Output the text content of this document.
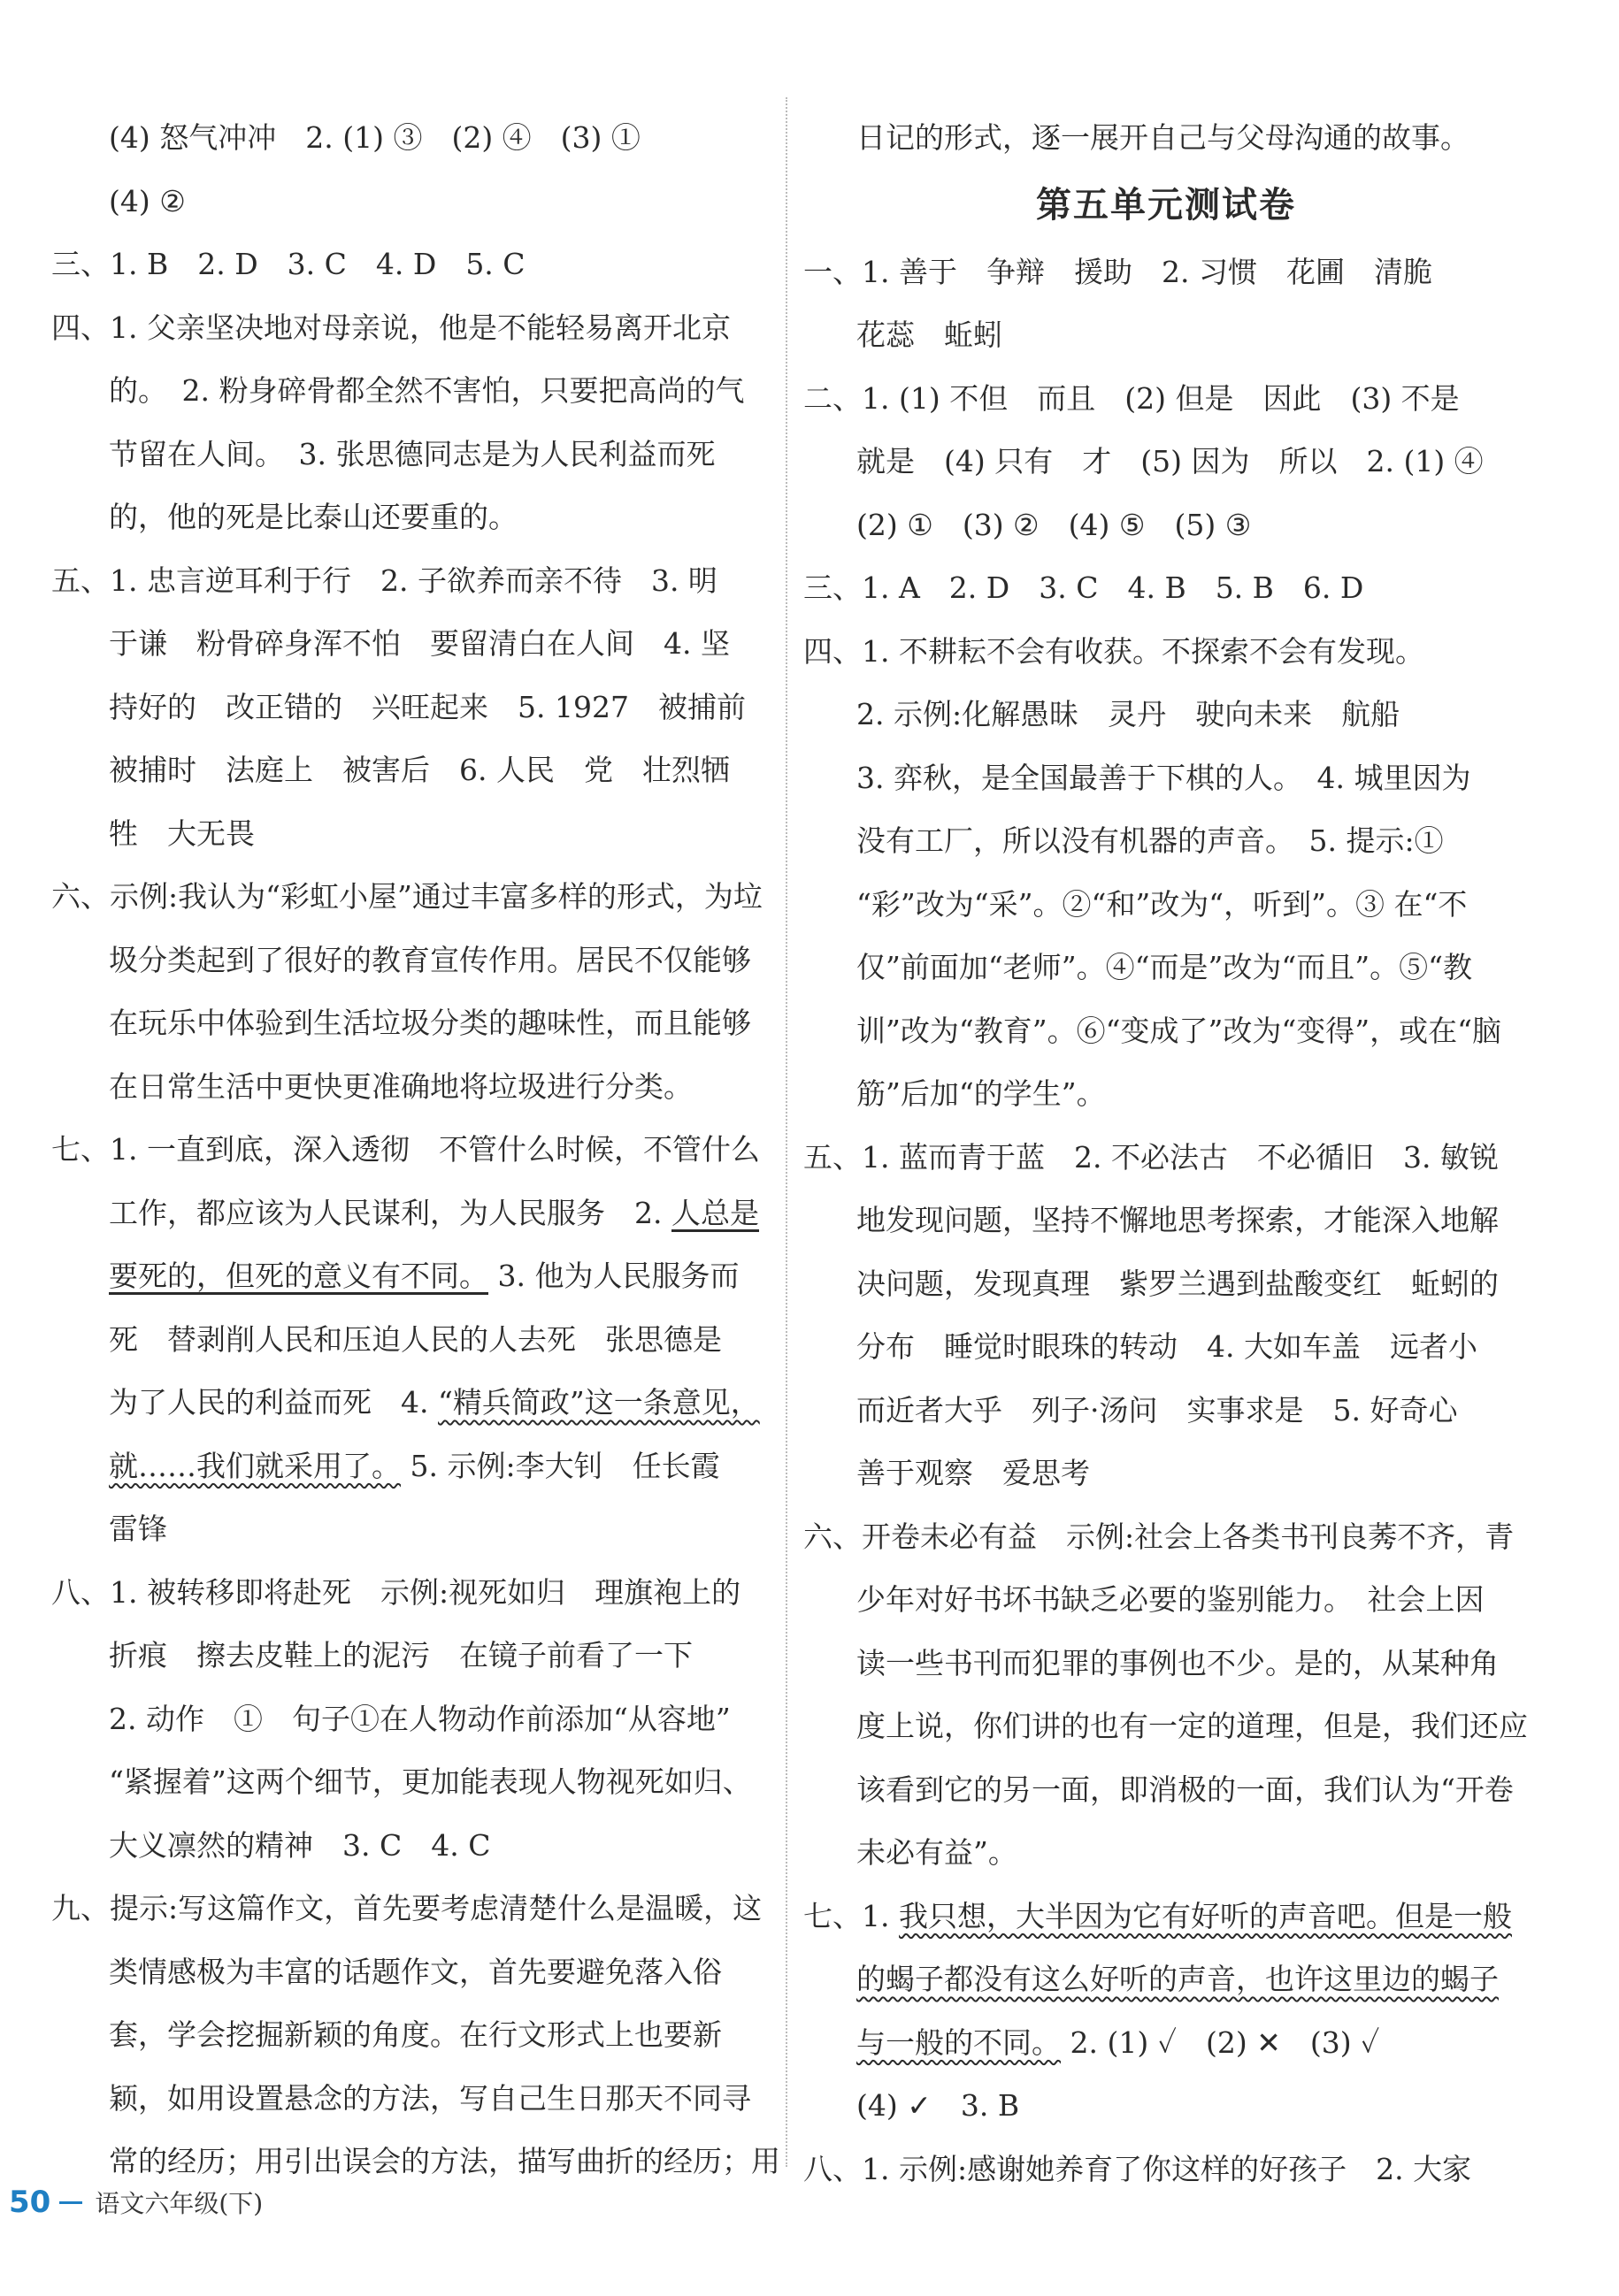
(4) 怒气冲冲　2. (1) ③　(2) ④　(3) ①
(4) ②
三、1. B　2. D　3. C　4. D　5. C
四、1. 父亲坚决地对母亲说，他是不能轻易离开北京
的。　2. 粉身碎骨都全然不害怕，只要把高尚的气
节留在人间。　3. 张思德同志是为人民利益而死
的，他的死是比泰山还要重的。
五、1. 忠言逆耳利于行　2. 子欲养而亲不待　3. 明
于谦　粉骨碎身浑不怕　要留清白在人间　4. 坚
持好的　改正错的　兴旺起来　5. 1927　被捕前
被捕时　法庭上　被害后　6. 人民　党　壮烈牺
牲　大无畏
六、示例:我认为“彩虹小屋”通过丰富多样的形式，为垃
圾分类起到了很好的教育宣传作用。居民不仅能够
在玩乐中体验到生活垃圾分类的趣味性，而且能够
在日常生活中更快更准确地将垃圾进行分类。
七、1. 一直到底，深入透彻　不管什么时候，不管什么
工作，都应该为人民谋利，为人民服务　2. 人总是
要死的，但死的意义有不同。 3. 他为人民服务而
死　替剥削人民和压迫人民的人去死　张思德是
为了人民的利益而死　4. “精兵简政”这一条意见，
就……我们就采用了。 5. 示例:李大钊　任长霞
雷锋
八、1. 被转移即将赴死　示例:视死如归　理旗袍上的
折痕　擦去皮鞋上的泥污　在镜子前看了一下
2. 动作　①　句子①在人物动作前添加“从容地”
“紧握着”这两个细节，更加能表现人物视死如归、
大义凛然的精神　3. C　4. C
九、提示:写这篇作文，首先要考虑清楚什么是温暖，这
类情感极为丰富的话题作文，首先要避免落入俗
套，学会挖掘新颖的角度。在行文形式上也要新
颖，如用设置悬念的方法，写自己生日那天不同寻
常的经历；用引出误会的方法，描写曲折的经历；用
日记的形式，逐一展开自己与父母沟通的故事。
第五单元测试卷
一、1. 善于　争辩　援助　2. 习惯　花圃　清脆
花蕊　蚯蚓
二、1. (1) 不但　而且　(2) 但是　因此　(3) 不是
就是　(4) 只有　才　(5) 因为　所以　2. (1) ④
(2) ①　(3) ②　(4) ⑤　(5) ③
三、1. A　2. D　3. C　4. B　5. B　6. D
四、1. 不耕耘不会有收获。不探索不会有发现。
2. 示例:化解愚昧　灵丹　驶向未来　航船
3. 弈秋，是全国最善于下棋的人。　4. 城里因为
没有工厂，所以没有机器的声音。　5. 提示:①
“彩”改为“采”。②“和”改为“，听到”。③ 在“不
仅”前面加“老师”。④“而是”改为“而且”。⑤“教
训”改为“教育”。⑥“变成了”改为“变得”，或在“脑
筋”后加“的学生”。
五、1. 蓝而青于蓝　2. 不必法古　不必循旧　3. 敏锐
地发现问题，坚持不懈地思考探索，才能深入地解
决问题，发现真理　紫罗兰遇到盐酸变红　蚯蚓的
分布　睡觉时眼珠的转动　4. 大如车盖　远者小
而近者大乎　列子·汤问　实事求是　5. 好奇心
善于观察　爱思考
六、开卷未必有益　示例:社会上各类书刊良莠不齐，青
少年对好书坏书缺乏必要的鉴别能力。　社会上因
读一些书刊而犯罪的事例也不少。是的，从某种角
度上说，你们讲的也有一定的道理，但是，我们还应
该看到它的另一面，即消极的一面，我们认为“开卷
未必有益”。
七、1. 我只想，大半因为它有好听的声音吧。但是一般
的蝎子都没有这么好听的声音，也许这里边的蝎子
与一般的不同。 2. (1) ✓　(2) ✕　(3) ✓
(4) ✓　3. B
八、1. 示例:感谢她养育了你这样的好孩子　2. 大家
50 语文六年级(下)
